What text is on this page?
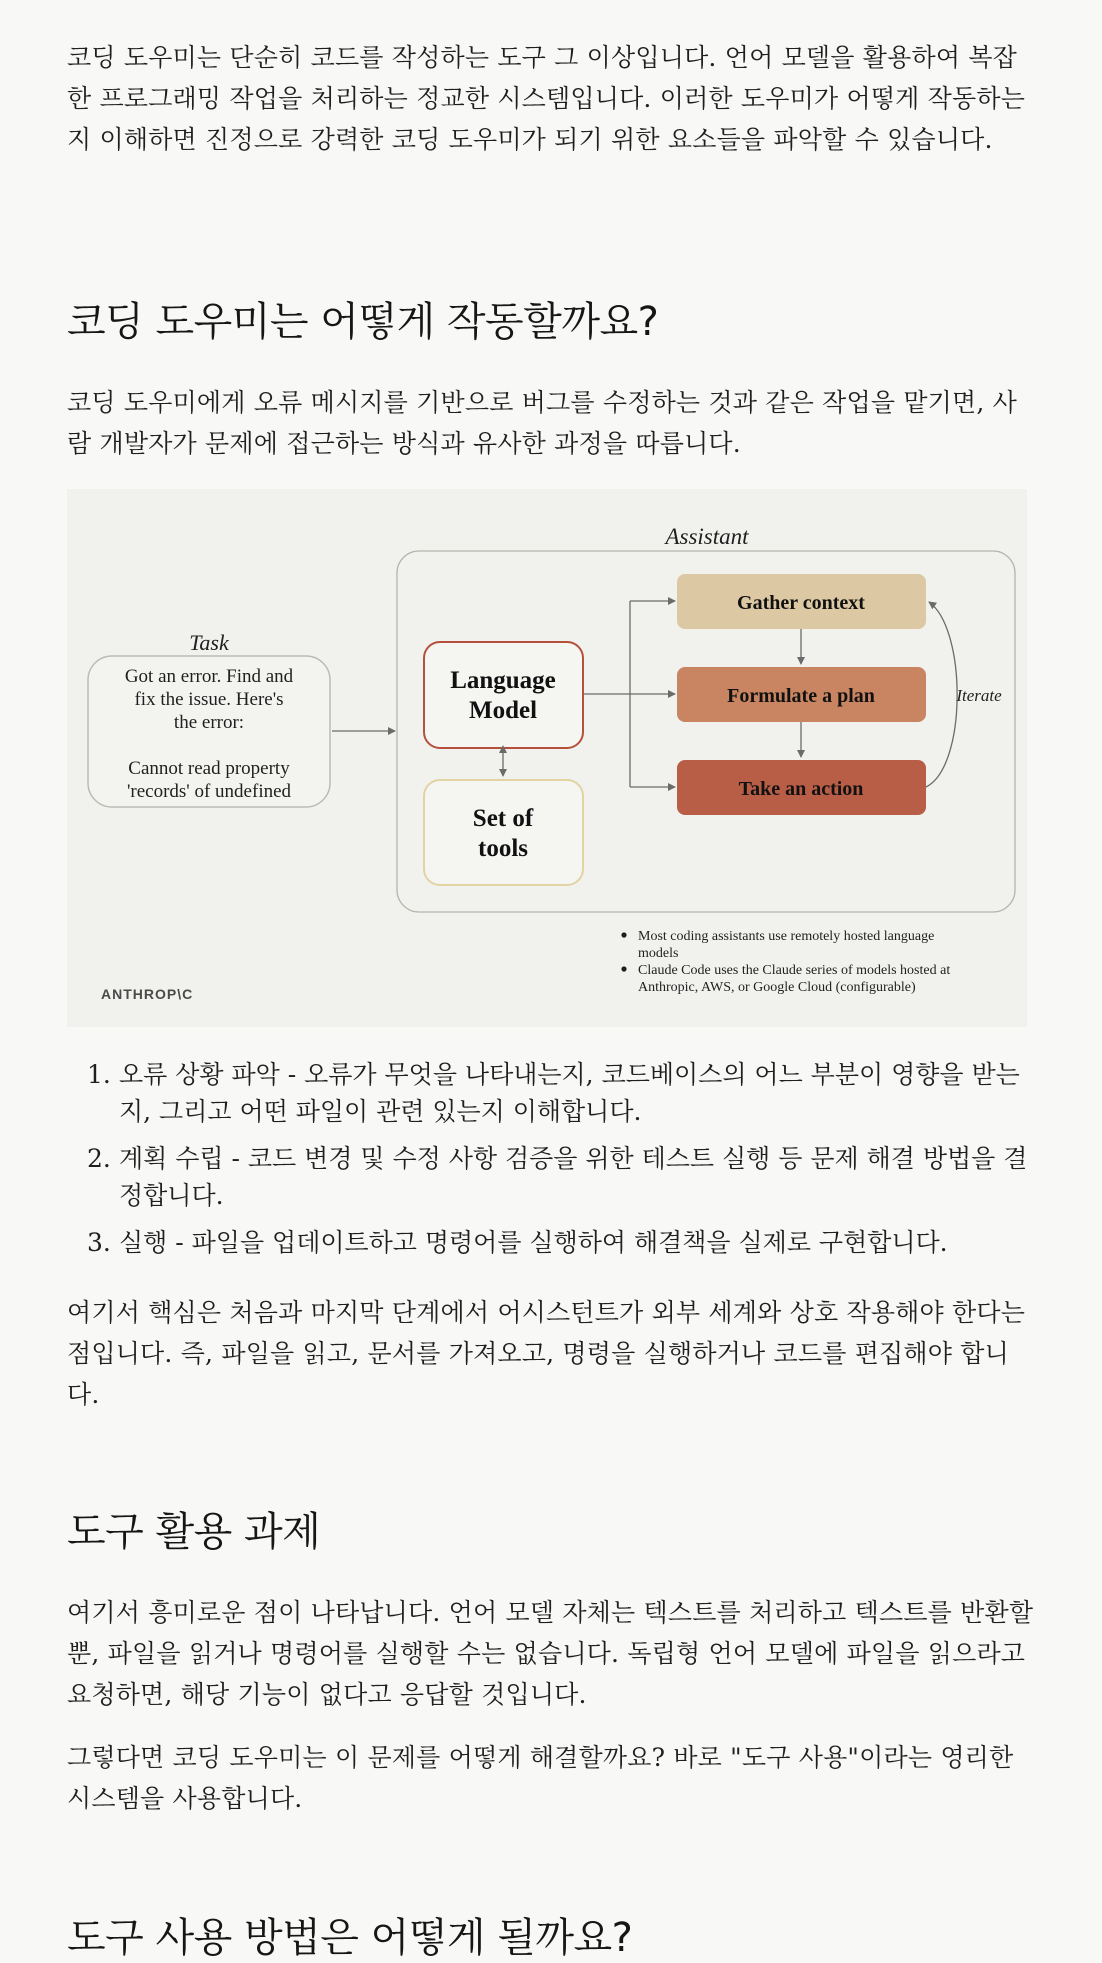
코딩 도우미는 단순히 코드를 작성하는 도구 그 이상입니다. 언어 모델을 활용하여 복잡한 프로그래밍 작업을 처리하는 정교한 시스템입니다. 이러한 도우미가 어떻게 작동하는지 이해하면 진정으로 강력한 코딩 도우미가 되기 위한 요소들을 파악할 수 있습니다.

코딩 도우미는 어떻게 작동할까요?

코딩 도우미에게 오류 메시지를 기반으로 버그를 수정하는 것과 같은 작업을 맡기면, 사람 개발자가 문제에 접근하는 방식과 유사한 과정을 따릅니다.

Task
Got an error. Find and
fix the issue. Here's
the error:
Cannot read property
'records' of undefined
Assistant
Language
Model
Set of
tools
Gather context
Formulate a plan
Take an action
Iterate
Most coding assistants use remotely hosted language
models
Claude Code uses the Claude series of models hosted at
Anthropic, AWS, or Google Cloud (configurable)
ANTHROP\C
1. 오류 상황 파악 - 오류가 무엇을 나타내는지, 코드베이스의 어느 부분이 영향을 받는지, 그리고 어떤 파일이 관련 있는지 이해합니다.
2. 계획 수립 - 코드 변경 및 수정 사항 검증을 위한 테스트 실행 등 문제 해결 방법을 결정합니다.
3. 실행 - 파일을 업데이트하고 명령어를 실행하여 해결책을 실제로 구현합니다.

여기서 핵심은 처음과 마지막 단계에서 어시스턴트가 외부 세계와 상호 작용해야 한다는 점입니다. 즉, 파일을 읽고, 문서를 가져오고, 명령을 실행하거나 코드를 편집해야 합니다.

도구 활용 과제

여기서 흥미로운 점이 나타납니다. 언어 모델 자체는 텍스트를 처리하고 텍스트를 반환할 뿐, 파일을 읽거나 명령어를 실행할 수는 없습니다. 독립형 언어 모델에 파일을 읽으라고 요청하면, 해당 기능이 없다고 응답할 것입니다.

그렇다면 코딩 도우미는 이 문제를 어떻게 해결할까요? 바로 "도구 사용"이라는 영리한 시스템을 사용합니다.

도구 사용 방법은 어떻게 될까요?
